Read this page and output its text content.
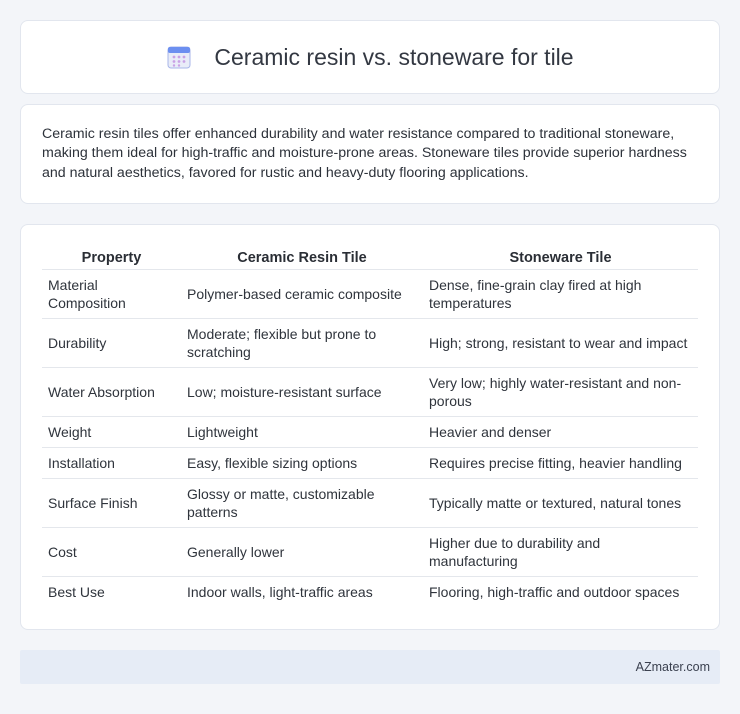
Ceramic resin vs. stoneware for tile

Ceramic resin tiles offer enhanced durability and water resistance compared to traditional stoneware, making them ideal for high-traffic and moisture-prone areas. Stoneware tiles provide superior hardness and natural aesthetics, favored for rustic and heavy-duty flooring applications.

Property	Ceramic Resin Tile	Stoneware Tile
Material Composition	Polymer-based ceramic composite	Dense, fine-grain clay fired at high temperatures
Durability	Moderate; flexible but prone to scratching	High; strong, resistant to wear and impact
Water Absorption	Low; moisture-resistant surface	Very low; highly water-resistant and non-porous
Weight	Lightweight	Heavier and denser
Installation	Easy, flexible sizing options	Requires precise fitting, heavier handling
Surface Finish	Glossy or matte, customizable patterns	Typically matte or textured, natural tones
Cost	Generally lower	Higher due to durability and manufacturing
Best Use	Indoor walls, light-traffic areas	Flooring, high-traffic and outdoor spaces
AZmater.com
